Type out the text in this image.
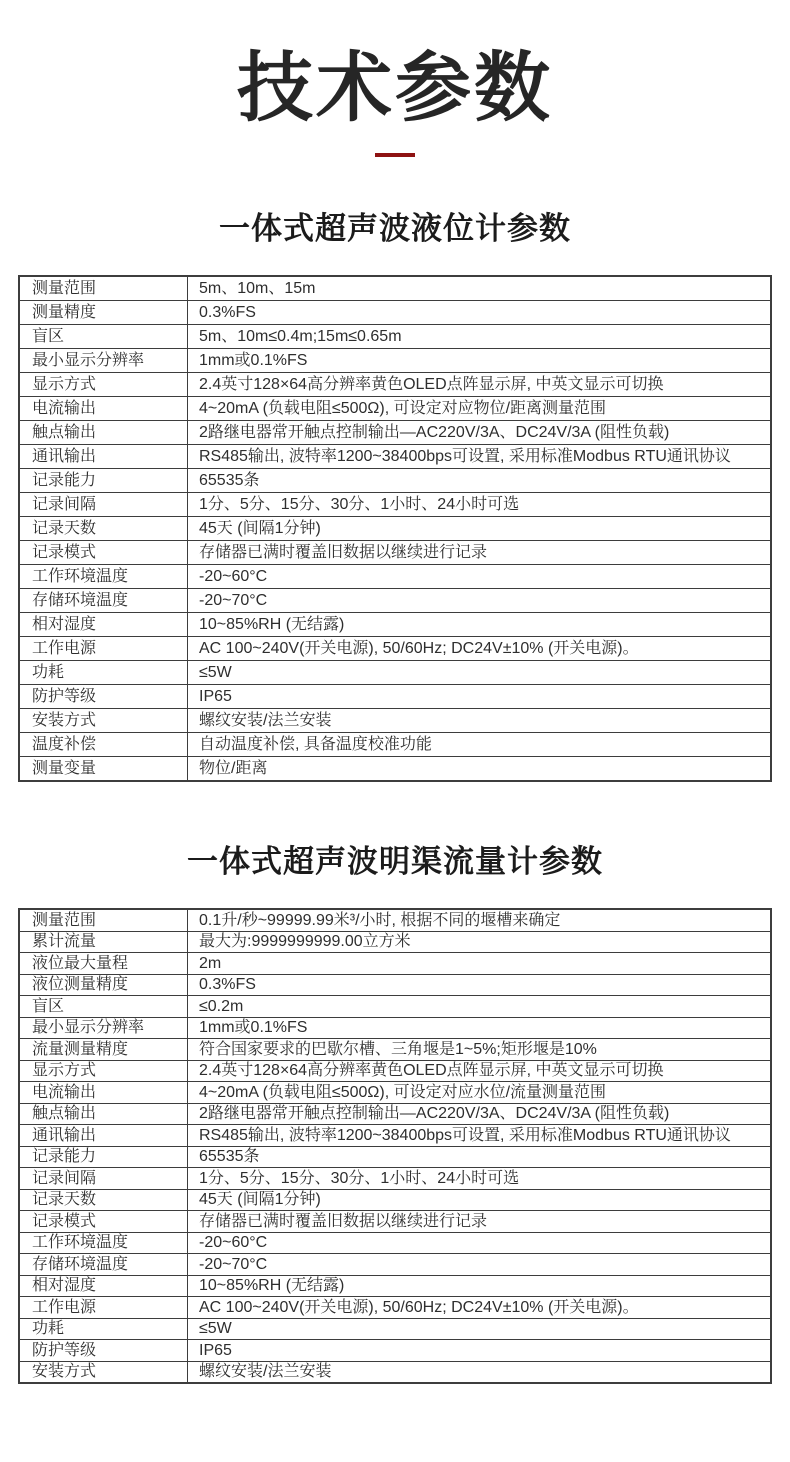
技术参数
一体式超声波液位计参数
测量范围	5m、10m、15m
测量精度	0.3%FS
盲区	5m、10m≤0.4m;15m≤0.65m
最小显示分辨率	1mm或0.1%FS
显示方式	2.4英寸128×64高分辨率黄色OLED点阵显示屏, 中英文显示可切换
电流输出	4~20mA (负载电阻≤500Ω), 可设定对应物位/距离测量范围
触点输出	2路继电器常开触点控制输出—AC220V/3A、DC24V/3A (阻性负载)
通讯输出	RS485输出, 波特率1200~38400bps可设置, 采用标准Modbus RTU通讯协议
记录能力	65535条
记录间隔	1分、5分、15分、30分、1小时、24小时可选
记录天数	45天 (间隔1分钟)
记录模式	存储器已满时覆盖旧数据以继续进行记录
工作环境温度	-20~60°C
存储环境温度	-20~70°C
相对湿度	10~85%RH (无结露)
工作电源	AC 100~240V(开关电源), 50/60Hz; DC24V±10% (开关电源)。
功耗	≤5W
防护等级	IP65
安装方式	螺纹安装/法兰安装
温度补偿	自动温度补偿, 具备温度校准功能
测量变量	物位/距离
一体式超声波明渠流量计参数
测量范围	0.1升/秒~99999.99米³/小时, 根据不同的堰槽来确定
累计流量	最大为:9999999999.00立方米
液位最大量程	2m
液位测量精度	0.3%FS
盲区	≤0.2m
最小显示分辨率	1mm或0.1%FS
流量测量精度	符合国家要求的巴歇尔槽、三角堰是1~5%;矩形堰是10%
显示方式	2.4英寸128×64高分辨率黄色OLED点阵显示屏, 中英文显示可切换
电流输出	4~20mA (负载电阻≤500Ω), 可设定对应水位/流量测量范围
触点输出	2路继电器常开触点控制输出—AC220V/3A、DC24V/3A (阻性负载)
通讯输出	RS485输出, 波特率1200~38400bps可设置, 采用标准Modbus RTU通讯协议
记录能力	65535条
记录间隔	1分、5分、15分、30分、1小时、24小时可选
记录天数	45天 (间隔1分钟)
记录模式	存储器已满时覆盖旧数据以继续进行记录
工作环境温度	-20~60°C
存储环境温度	-20~70°C
相对湿度	10~85%RH (无结露)
工作电源	AC 100~240V(开关电源), 50/60Hz; DC24V±10% (开关电源)。
功耗	≤5W
防护等级	IP65
安装方式	螺纹安装/法兰安装
